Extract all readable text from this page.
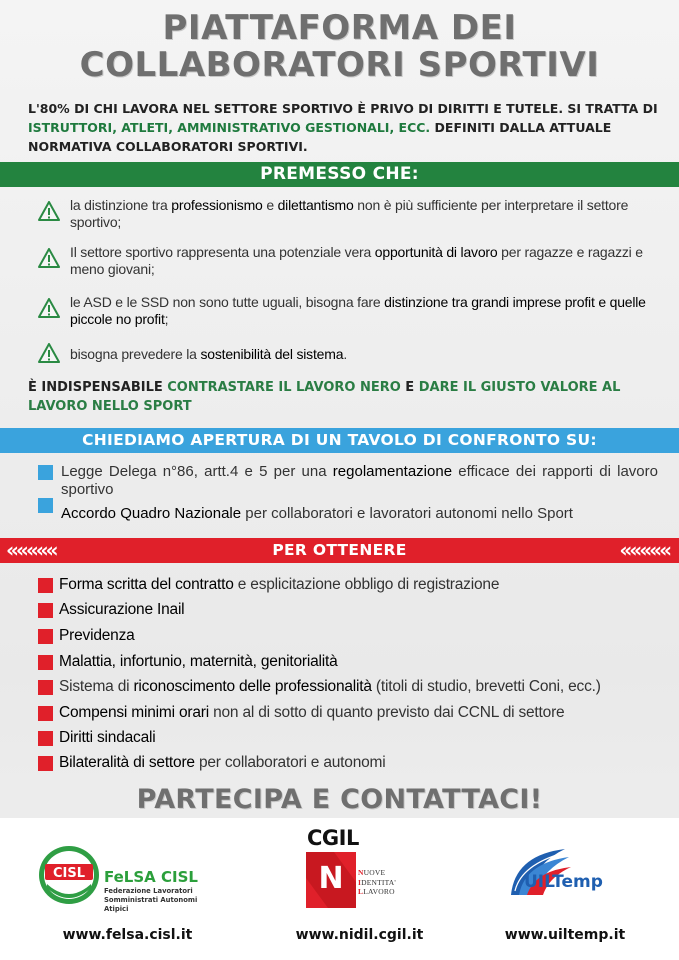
PIATTAFORMA DEI
COLLABORATORI SPORTIVI
L'80% DI CHI LAVORA NEL SETTORE SPORTIVO È PRIVO DI DIRITTI E TUTELE. SI TRATTA DI ISTRUTTORI, ATLETI, AMMINISTRATIVO GESTIONALI, ECC. DEFINITI DALLA ATTUALE NORMATIVA COLLABORATORI SPORTIVI.
PREMESSO CHE:
la distinzione tra professionismo e dilettantismo non è più sufficiente per interpretare il settore sportivo;
Il settore sportivo rappresenta una potenziale vera opportunità di lavoro per ragazze e ragazzi e meno giovani;
le ASD e le SSD non sono tutte uguali, bisogna fare distinzione tra grandi imprese profit e quelle piccole no profit;
bisogna prevedere la sostenibilità del sistema.
È INDISPENSABILE CONTRASTARE IL LAVORO NERO E DARE IL GIUSTO VALORE AL LAVORO NELLO SPORT
CHIEDIAMO APERTURA DI UN TAVOLO DI CONFRONTO SU:
Legge Delega n°86, artt.4 e 5 per una regolamentazione efficace dei rapporti di lavoro sportivo
Accordo Quadro Nazionale per collaboratori e lavoratori autonomi nello Sport
«««««	PER OTTENERE	«««««
Forma scritta del contratto e esplicitazione obbligo di registrazione
Assicurazione Inail
Previdenza
Malattia, infortunio, maternità, genitorialità
Sistema di riconoscimento delle professionalità (titoli di studio, brevetti Coni, ecc.)
Compensi minimi orari non al di sotto di quanto previsto dai CCNL di settore
Diritti sindacali
Bilateralità di settore per collaboratori e autonomi
PARTECIPA E CONTATTACI!
CISL FeLSA CISL
Federazione Lavoratori
Somministrati Autonomi Atipici
CGIL
N NUOVE
IDENTITA'
LLAVORO	UILTemp
www.felsa.cisl.it	www.nidil.cgil.it	www.uiltemp.it
